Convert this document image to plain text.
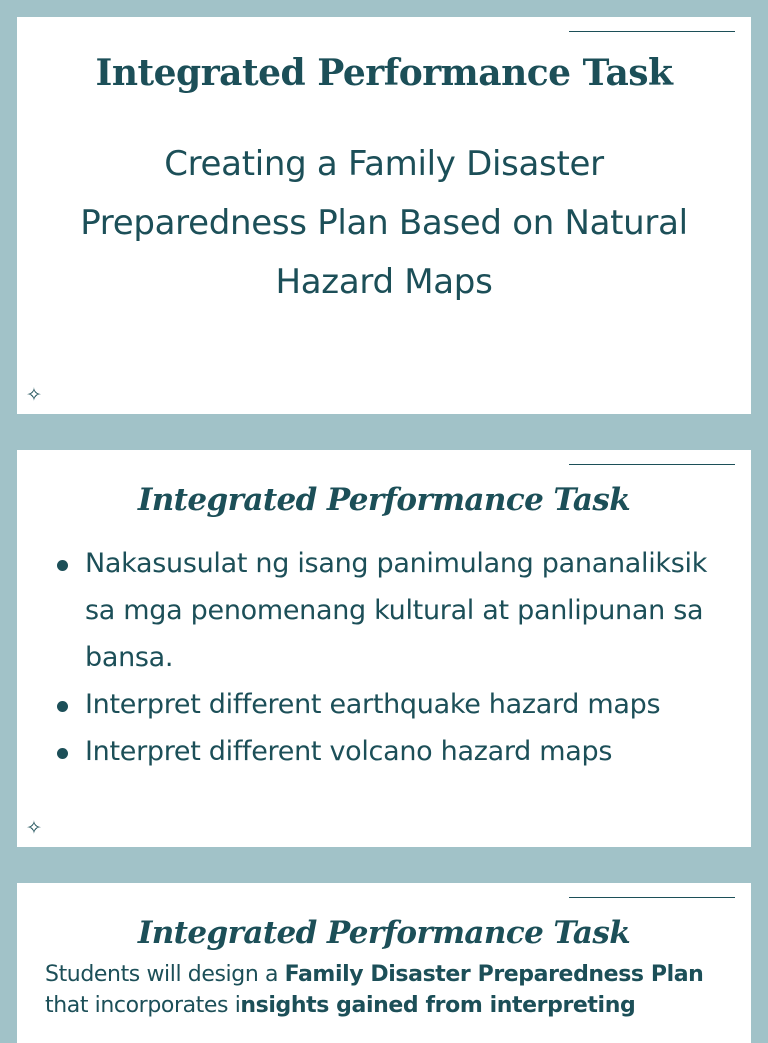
Integrated Performance Task
Creating a Family Disaster Preparedness Plan Based on Natural Hazard Maps
✧
Integrated Performance Task
Nakasusulat ng isang panimulang pananaliksik sa mga penomenang kultural at panlipunan sa bansa.
Interpret different earthquake hazard maps
Interpret different volcano hazard maps
✧
Integrated Performance Task

Students will design a Family Disaster Preparedness Plan that incorporates insights gained from interpreting
